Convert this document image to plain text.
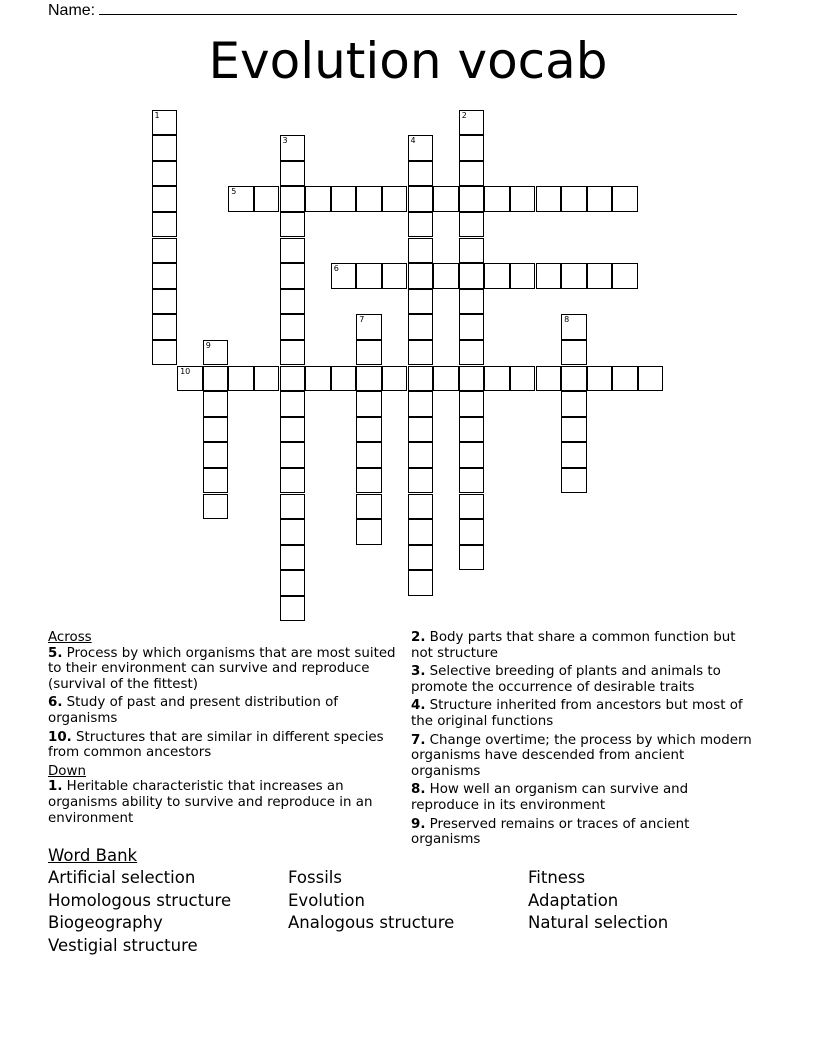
Name:
Evolution vocab
1	2
3	4
5
6
7	8
9
10
Across
5. Process by which organisms that are most suited to their environment can survive and reproduce (survival of the fittest)
6. Study of past and present distribution of organisms
10. Structures that are similar in different species from common ancestors
Down
1. Heritable characteristic that increases an organisms ability to survive and reproduce in an environment
2. Body parts that share a common function but not structure
3. Selective breeding of plants and animals to promote the occurrence of desirable traits
4. Structure inherited from ancestors but most of the original functions
7. Change overtime; the process by which modern organisms have descended from ancient organisms
8. How well an organism can survive and reproduce in its environment
9. Preserved remains or traces of ancient organisms
Word Bank
Artificial selection
Homologous structure
Biogeography
Vestigial structure
Fossils
Evolution
Analogous structure
Fitness
Adaptation
Natural selection
